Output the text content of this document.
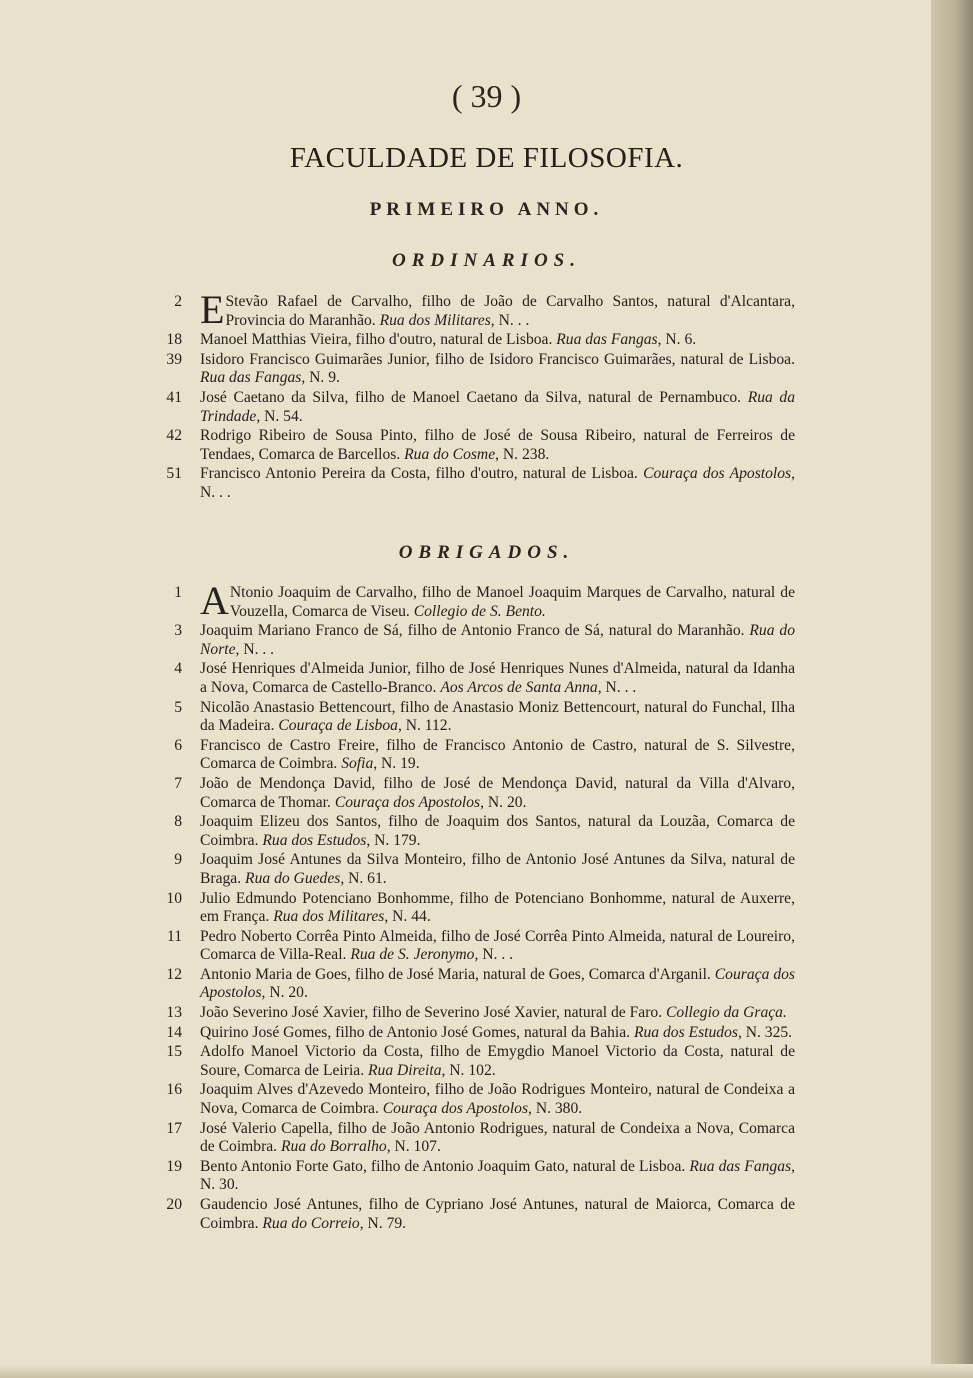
( 39 )
FACULDADE DE FILOSOFIA.
PRIMEIRO ANNO.
ORDINARIOS.
2 E Stevão Rafael de Carvalho, filho de João de Carvalho Santos, natural d'Alcantara, Provincia do Maranhão. Rua dos Militares, N. . .
18 Manoel Matthias Vieira, filho d'outro, natural de Lisboa. Rua das Fangas, N. 6.
39 Isidoro Francisco Guimarães Junior, filho de Isidoro Francisco Guimarães, natural de Lisboa. Rua das Fangas, N. 9.
41 José Caetano da Silva, filho de Manoel Caetano da Silva, natural de Pernambuco. Rua da Trindade, N. 54.
42 Rodrigo Ribeiro de Sousa Pinto, filho de José de Sousa Ribeiro, natural de Ferreiros de Tendaes, Comarca de Barcellos. Rua do Cosme, N. 238.
51 Francisco Antonio Pereira da Costa, filho d'outro, natural de Lisboa. Couraça dos Apostolos, N. . .
OBRIGADOS.
1 A Ntonio Joaquim de Carvalho, filho de Manoel Joaquim Marques de Carvalho, natural de Vouzella, Comarca de Viseu. Collegio de S. Bento.
3 Joaquim Mariano Franco de Sá, filho de Antonio Franco de Sá, natural do Maranhão. Rua do Norte, N. . .
4 José Henriques d'Almeida Junior, filho de José Henriques Nunes d'Almeida, natural da Idanha a Nova, Comarca de Castello-Branco. Aos Arcos de Santa Anna, N. . .
5 Nicolão Anastasio Bettencourt, filho de Anastasio Moniz Bettencourt, natural do Funchal, Ilha da Madeira. Couraça de Lisboa, N. 112.
6 Francisco de Castro Freire, filho de Francisco Antonio de Castro, natural de S. Silvestre, Comarca de Coimbra. Sofia, N. 19.
7 João de Mendonça David, filho de José de Mendonça David, natural da Villa d'Alvaro, Comarca de Thomar. Couraça dos Apostolos, N. 20.
8 Joaquim Elizeu dos Santos, filho de Joaquim dos Santos, natural da Louzãa, Comarca de Coimbra. Rua dos Estudos, N. 179.
9 Joaquim José Antunes da Silva Monteiro, filho de Antonio José Antunes da Silva, natural de Braga. Rua do Guedes, N. 61.
10 Julio Edmundo Potenciano Bonhomme, filho de Potenciano Bonhomme, natural de Auxerre, em França. Rua dos Militares, N. 44.
11 Pedro Noberto Corrêa Pinto Almeida, filho de José Corrêa Pinto Almeida, natural de Loureiro, Comarca de Villa-Real. Rua de S. Jeronymo, N. . .
12 Antonio Maria de Goes, filho de José Maria, natural de Goes, Comarca d'Arganil. Couraça dos Apostolos, N. 20.
13 João Severino José Xavier, filho de Severino José Xavier, natural de Faro. Collegio da Graça.
14 Quirino José Gomes, filho de Antonio José Gomes, natural da Bahia. Rua dos Estudos, N. 325.
15 Adolfo Manoel Victorio da Costa, filho de Emygdio Manoel Victorio da Costa, natural de Soure, Comarca de Leiria. Rua Direita, N. 102.
16 Joaquim Alves d'Azevedo Monteiro, filho de João Rodrigues Monteiro, natural de Condeixa a Nova, Comarca de Coimbra. Couraça dos Apostolos, N. 380.
17 José Valerio Capella, filho de João Antonio Rodrigues, natural de Condeixa a Nova, Comarca de Coimbra. Rua do Borralho, N. 107.
19 Bento Antonio Forte Gato, filho de Antonio Joaquim Gato, natural de Lisboa. Rua das Fangas, N. 30.
20 Gaudencio José Antunes, filho de Cypriano José Antunes, natural de Maiorca, Comarca de Coimbra. Rua do Correio, N. 79.
